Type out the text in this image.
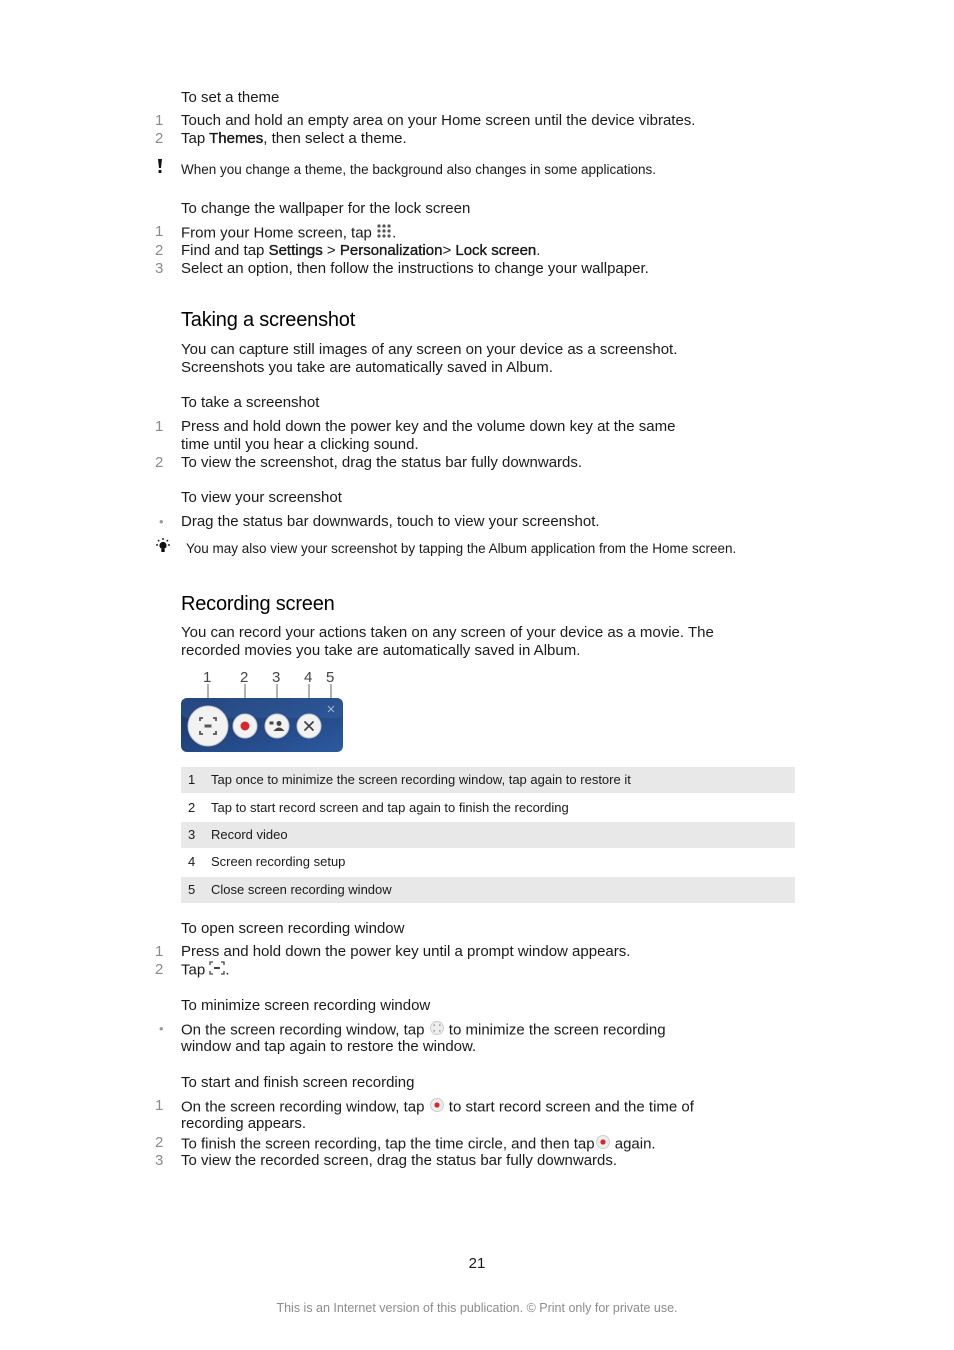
To set a theme
1 Touch and hold an empty area on your Home screen until the device vibrates.
2 Tap Themes, then select a theme.
When you change a theme, the background also changes in some applications.
To change the wallpaper for the lock screen
1 From your Home screen, tap .
2 Find and tap Settings > Personalization> Lock screen.
3 Select an option, then follow the instructions to change your wallpaper.
Taking a screenshot
You can capture still images of any screen on your device as a screenshot.
Screenshots you take are automatically saved in Album.
To take a screenshot
1 Press and hold down the power key and the volume down key at the same
time until you hear a clicking sound.
2 To view the screenshot, drag the status bar fully downwards.
To view your screenshot
• Drag the status bar downwards, touch to view your screenshot.
You may also view your screenshot by tapping the Album application from the Home screen.
Recording screen
You can record your actions taken on any screen of your device as a movie. The
recorded movies you take are automatically saved in Album.
1 2 3 4 5
1 Tap once to minimize the screen recording window, tap again to restore it
2 Tap to start record screen and tap again to finish the recording
3 Record video
4 Screen recording setup
5 Close screen recording window
To open screen recording window
1 Press and hold down the power key until a prompt window appears.
2 Tap .
To minimize screen recording window
• On the screen recording window, tap  to minimize the screen recording
window and tap again to restore the window.
To start and finish screen recording
1 On the screen recording window, tap  to start record screen and the time of
recording appears.
2 To finish the screen recording, tap the time circle, and then tap again.
3 To view the recorded screen, drag the status bar fully downwards.
21
This is an Internet version of this publication. © Print only for private use.
